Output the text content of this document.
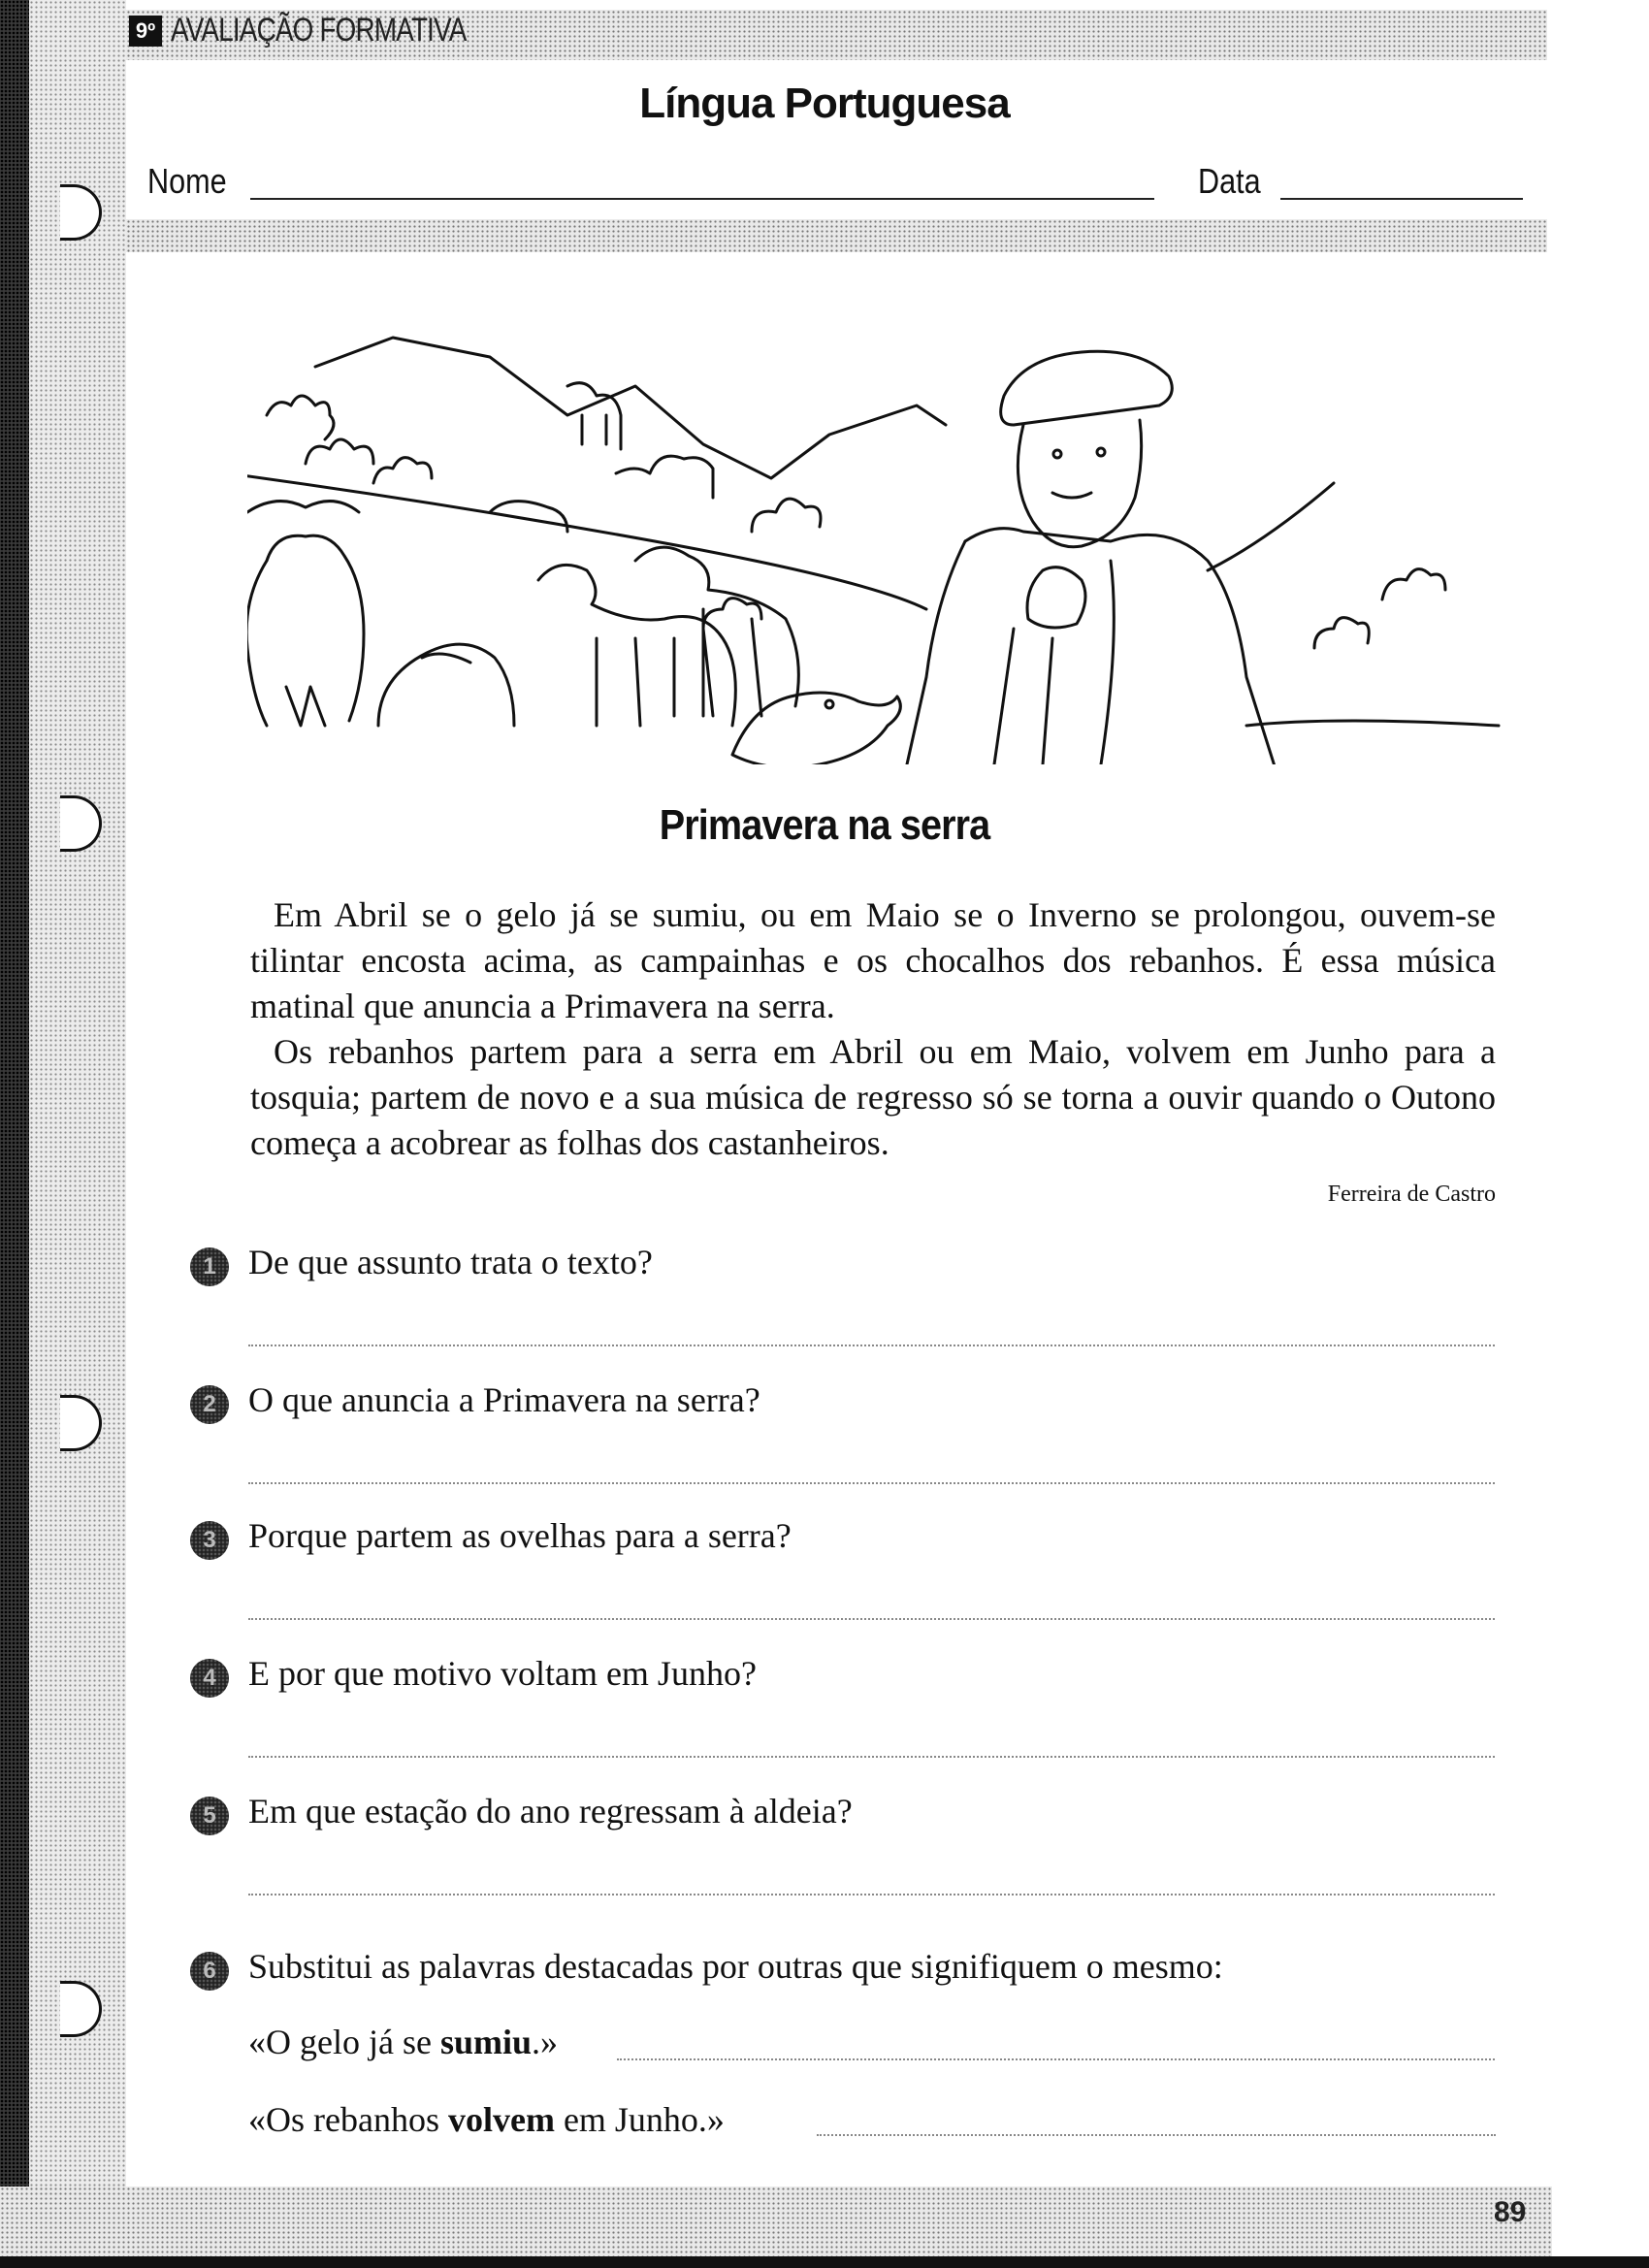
9º AVALIAÇÃO FORMATIVA
Língua Portuguesa
Nome	Data
Primavera na serra

Em Abril se o gelo já se sumiu, ou em Maio se o Inverno se prolongou, ouvem-se tilintar encosta acima, as campainhas e os chocalhos dos rebanhos. É essa música matinal que anuncia a Primavera na serra.

Os rebanhos partem para a serra em Abril ou em Maio, volvem em Junho para a tosquia; partem de novo e a sua música de regresso só se torna a ouvir quando o Outono começa a acobrear as folhas dos castanheiros.

Ferreira de Castro
1 De que assunto trata o texto?
2 O que anuncia a Primavera na serra?
3 Porque partem as ovelhas para a serra?
4 E por que motivo voltam em Junho?
5 Em que estação do ano regressam à aldeia?
6 Substitui as palavras destacadas por outras que signifiquem o mesmo:
«O gelo já se sumiu.»
«Os rebanhos volvem em Junho.»
89
